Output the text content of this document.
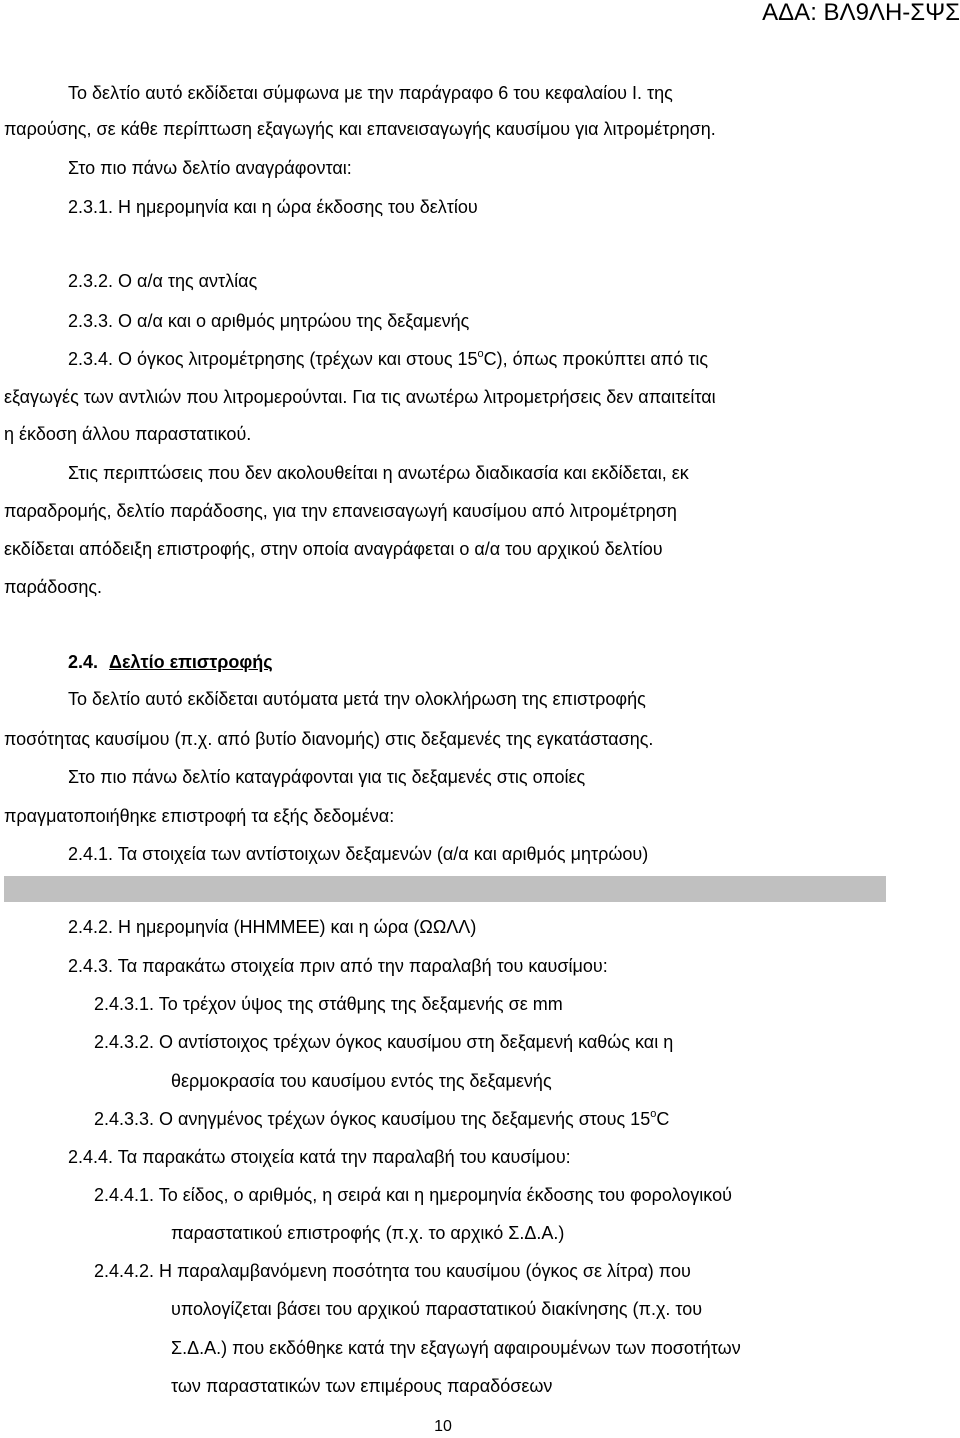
ΑΔΑ: ΒΛ9ΛΗ-ΣΨΣ
Το δελτίο αυτό εκδίδεται σύμφωνα με την παράγραφο 6 του κεφαλαίου Ι. της
παρούσης, σε κάθε περίπτωση εξαγωγής και επανεισαγωγής καυσίμου για λιτρομέτρηση.
Στο πιο πάνω δελτίο αναγράφονται:
2.3.1. Η ημερομηνία και η ώρα έκδοσης του δελτίου
2.3.2. Ο α/α της αντλίας
2.3.3. Ο α/α και ο αριθμός μητρώου της δεξαμενής
2.3.4. Ο όγκος λιτρομέτρησης (τρέχων και στους $15^oC$), όπως προκύπτει από τις
εξαγωγές των αντλιών που λιτρομερούνται. Για τις ανωτέρω λιτρομετρήσεις δεν απαιτείται
η έκδοση άλλου παραστατικού.
Στις περιπτώσεις που δεν ακολουθείται η ανωτέρω διαδικασία και εκδίδεται, εκ
παραδρομής, δελτίο παράδοσης, για την επανεισαγωγή καυσίμου από λιτρομέτρηση
εκδίδεται απόδειξη επιστροφής, στην οποία αναγράφεται ο α/α του αρχικού δελτίου
παράδοσης.
2.4. Δελτίο επιστροφής
Το δελτίο αυτό εκδίδεται αυτόματα μετά την ολοκλήρωση της επιστροφής
ποσότητας καυσίμου (π.χ. από βυτίο διανομής) στις δεξαμενές της εγκατάστασης.
Στο πιο πάνω δελτίο καταγράφονται για τις δεξαμενές στις οποίες
πραγματοποιήθηκε επιστροφή τα εξής δεδομένα:
2.4.1. Τα στοιχεία των αντίστοιχων δεξαμενών (α/α και αριθμός μητρώου)
2.4.2. Η ημερομηνία (ΗΗΜΜΕΕ) και η ώρα (ΩΩΛΛ)
2.4.3. Τα παρακάτω στοιχεία πριν από την παραλαβή του καυσίμου:
2.4.3.1. Το τρέχον ύψος της στάθμης της δεξαμενής σε mm
2.4.3.2. Ο αντίστοιχος τρέχων όγκος καυσίμου στη δεξαμενή καθώς και η
θερμοκρασία του καυσίμου εντός της δεξαμενής
2.4.3.3. Ο ανηγμένος τρέχων όγκος καυσίμου της δεξαμενής στους $15^oC$
2.4.4. Τα παρακάτω στοιχεία κατά την παραλαβή του καυσίμου:
2.4.4.1. Το είδος, ο αριθμός, η σειρά και η ημερομηνία έκδοσης του φορολογικού
παραστατικού επιστροφής (π.χ. το αρχικό Σ.Δ.Α.)
2.4.4.2. Η παραλαμβανόμενη ποσότητα του καυσίμου (όγκος σε λίτρα) που
υπολογίζεται βάσει του αρχικού παραστατικού διακίνησης (π.χ. του
Σ.Δ.Α.) που εκδόθηκε κατά την εξαγωγή αφαιρουμένων των ποσοτήτων
των παραστατικών των επιμέρους παραδόσεων
10
